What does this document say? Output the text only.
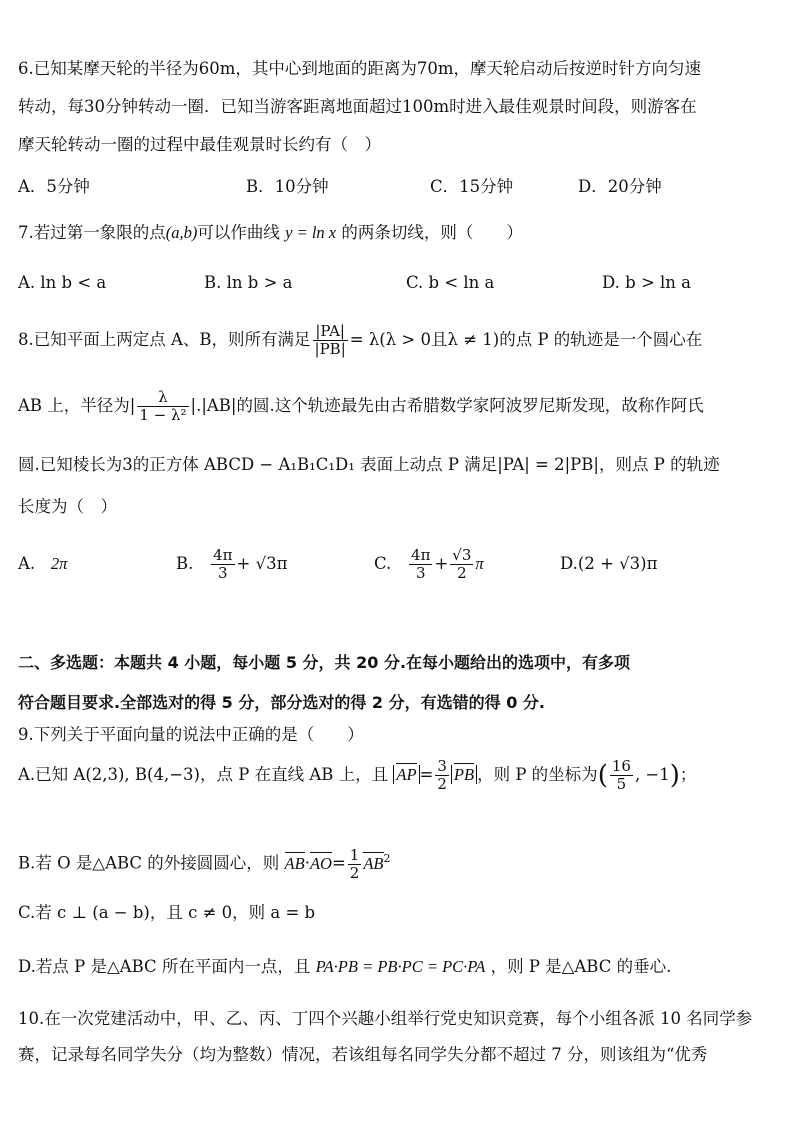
6.已知某摩天轮的半径为60m，其中心到地面的距离为70m，摩天轮启动后按逆时针方向匀速
转动，每30分钟转动一圈．已知当游客距离地面超过100m时进入最佳观景时间段，则游客在
摩天轮转动一圈的过程中最佳观景时长约有（　）
A．5分钟	B．10分钟	C．15分钟	D．20分钟
7.若过第一象限的点(a,b)可以作曲线 y = ln x 的两条切线，则（　　）
A. ln b < a	B. ln b > a	C. b < ln a	D. b > ln a
8.已知平面上两定点 A、B，则所有满足 $\frac{|PA|}{|PB|} = \lambda(\lambda > 0$且λ ≠ 1)的点 P 的轨迹是一个圆心在
AB 上，半径为| $\frac{\lambda}{\text{1 − λ²}} |.|AB|$的圆.这个轨迹最先由古希腊数学家阿波罗尼斯发现，故称作阿氏
圆.已知棱长为3的正方体 ABCD − A₁B₁C₁D₁ 表面上动点 P 满足|PA| = 2|PB|，则点 P 的轨迹
长度为（　）
A. 2π	B. $\frac{4\pi}{3} + √3\pi$	C. $\frac{4\pi}{3} + \frac{√3}{2}$ π	D.(2 + √3)π
二、多选题：本题共 4 小题，每小题 5 分，共 20 分.在每小题给出的选项中，有多项
符合题目要求.全部选对的得 5 分，部分选对的得 2 分，有选错的得 0 分.
9.下列关于平面向量的说法中正确的是（　　）
A.已知 A(2,3), B(4,−3)，点 P 在直线 AB 上，且 AP = $\frac{3}{2}$ PB ，则 P 的坐标为( $\frac{16}{5}$ , −1)；
B.若 O 是△ABC 的外接圆圆心，则 $AB\cdot AO= \frac{1}{2} AB^2$
C.若 c ⊥ (a − b)，且 c ≠ 0，则 a = b
D.若点 P 是△ABC 所在平面内一点，且 PA·PB = PB·PC = PC·PA ，则 P 是△ABC 的垂心.
10.在一次党建活动中，甲、乙、丙、丁四个兴趣小组举行党史知识竞赛，每个小组各派 10 名同学参
赛，记录每名同学失分（均为整数）情况，若该组每名同学失分都不超过 7 分，则该组为“优秀
